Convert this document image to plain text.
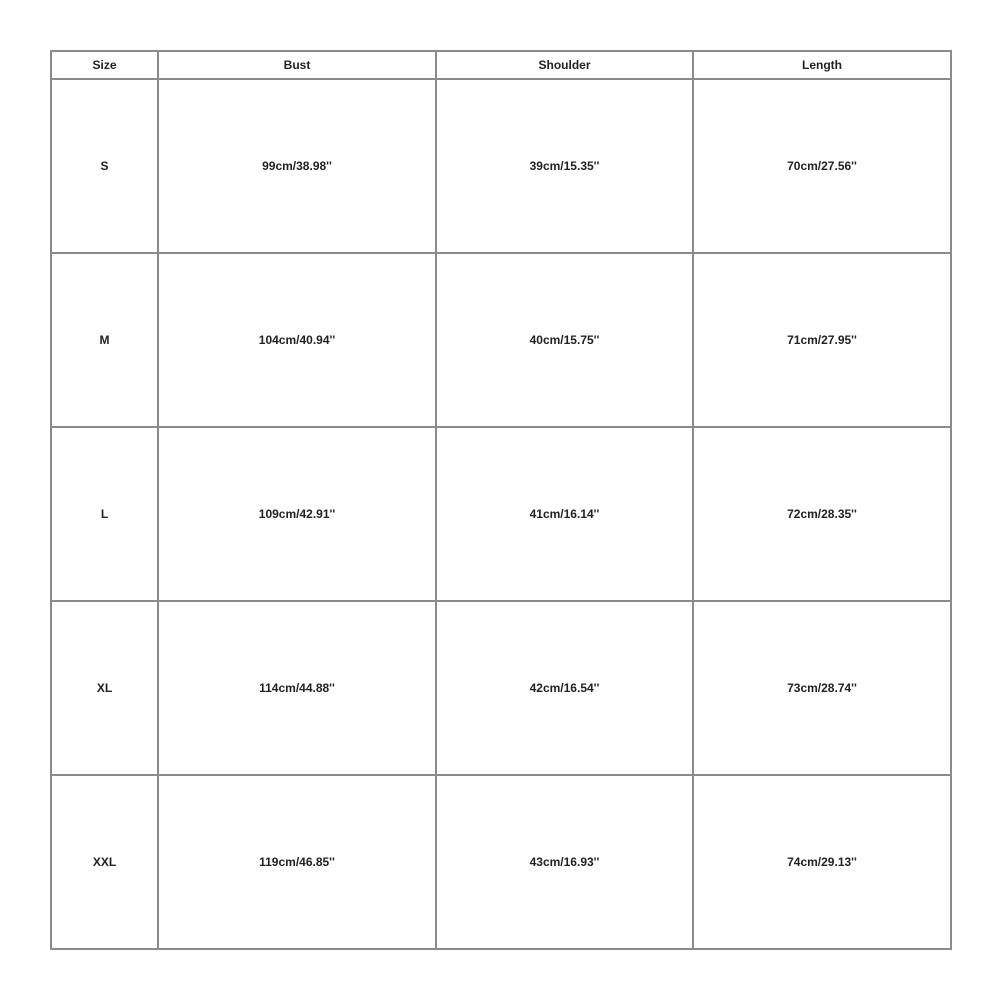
Size	Bust	Shoulder	Length
S	99cm/38.98''	39cm/15.35''	70cm/27.56''
M	104cm/40.94''	40cm/15.75''	71cm/27.95''
L	109cm/42.91''	41cm/16.14''	72cm/28.35''
XL	114cm/44.88''	42cm/16.54''	73cm/28.74''
XXL	119cm/46.85''	43cm/16.93''	74cm/29.13''
